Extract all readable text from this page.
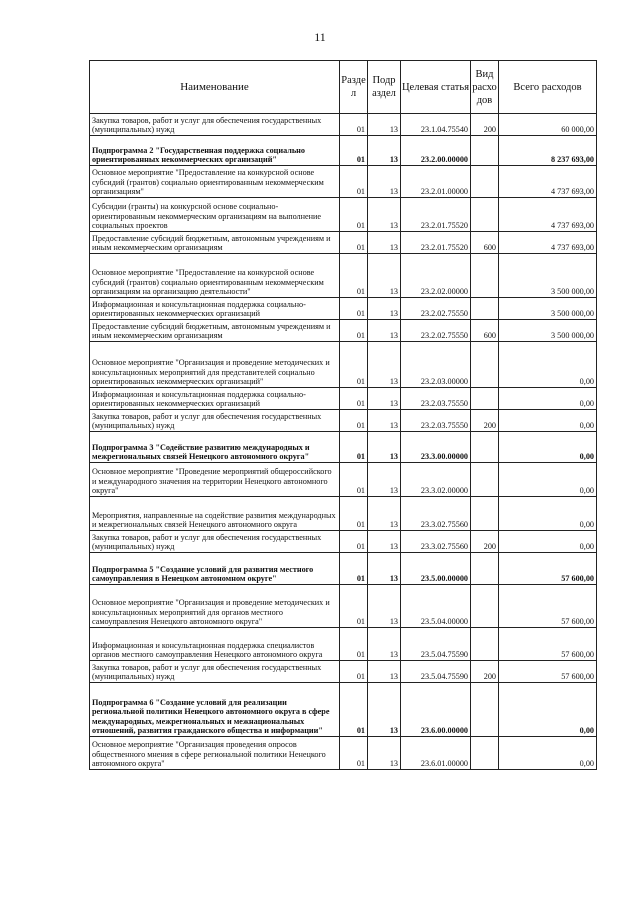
11
Наименование	Разде л	Подр аздел	Целевая статья	Вид расхо дов	Всего расходов
Закупка товаров, работ и услуг для обеспечения государственных (муниципальных) нужд	01	13	23.1.04.75540	200	60 000,00
Подпрограмма 2 "Государственная поддержка социально ориентированных некоммерческих организаций"	01	13	23.2.00.00000		8 237 693,00
Основное мероприятие "Предоставление на конкурсной основе субсидий (грантов) социально ориентированным некоммерческим организациям"	01	13	23.2.01.00000		4 737 693,00
Субсидии (гранты) на конкурсной основе социально-ориентированным некоммерческим организациям на выполнение социальных проектов	01	13	23.2.01.75520		4 737 693,00
Предоставление субсидий бюджетным, автономным учреждениям и иным некоммерческим организациям	01	13	23.2.01.75520	600	4 737 693,00
Основное мероприятие "Предоставление на конкурсной основе субсидий (грантов) социально ориентированным некоммерческим организациям на организацию деятельности"	01	13	23.2.02.00000		3 500 000,00
Информационная и консультационная поддержка социально-ориентированных некоммерческих организаций	01	13	23.2.02.75550		3 500 000,00
Предоставление субсидий бюджетным, автономным учреждениям и иным некоммерческим организациям	01	13	23.2.02.75550	600	3 500 000,00
Основное мероприятие "Организация и проведение методических и консультационных мероприятий для представителей социально ориентированных некоммерческих организаций"	01	13	23.2.03.00000		0,00
Информационная и консультационная поддержка социально-ориентированных некоммерческих организаций	01	13	23.2.03.75550		0,00
Закупка товаров, работ и услуг для обеспечения государственных (муниципальных) нужд	01	13	23.2.03.75550	200	0,00
Подпрограмма 3 "Содействие развитию международных и межрегиональных связей Ненецкого автономного округа"	01	13	23.3.00.00000		0,00
Основное мероприятие "Проведение мероприятий общероссийского и международного значения на территории Ненецкого автономного округа"	01	13	23.3.02.00000		0,00
Мероприятия, направленные на содействие развития международных и межрегиональных связей Ненецкого автономного округа	01	13	23.3.02.75560		0,00
Закупка товаров, работ и услуг для обеспечения государственных (муниципальных) нужд	01	13	23.3.02.75560	200	0,00
Подпрограмма 5 "Создание условий для развития местного самоуправления в Ненецком автономном округе"	01	13	23.5.00.00000		57 600,00
Основное мероприятие "Организация и проведение методических и консультационных мероприятий для органов местного самоуправления Ненецкого автономного округа"	01	13	23.5.04.00000		57 600,00
Информационная и консультационная поддержка специалистов органов местного самоуправления Ненецкого автономного округа	01	13	23.5.04.75590		57 600,00
Закупка товаров, работ и услуг для обеспечения государственных (муниципальных) нужд	01	13	23.5.04.75590	200	57 600,00
Подпрограмма 6 "Создание условий для реализации региональной политики Ненецкого автономного округа в сфере международных, межрегиональных и межнациональных отношений, развития гражданского общества и информации"	01	13	23.6.00.00000		0,00
Основное мероприятие "Организация проведения опросов общественного мнения в сфере региональной политики Ненецкого автономного округа"	01	13	23.6.01.00000		0,00
